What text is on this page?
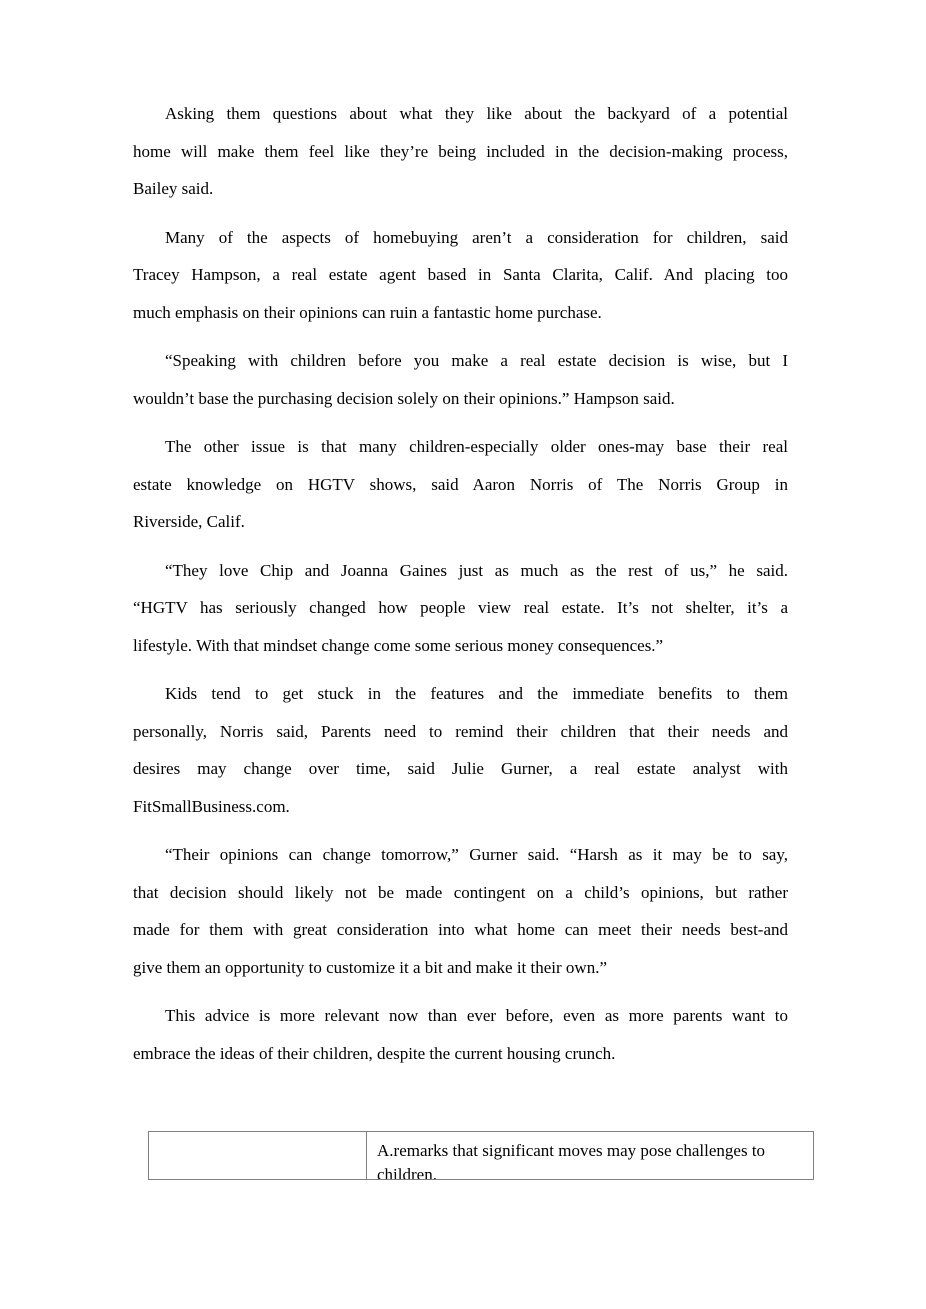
Asking them questions about what they like about the backyard of a potential
home will make them feel like they’re being included in the decision-making process,
Bailey said.
Many of the aspects of homebuying aren’t a consideration for children, said
Tracey Hampson, a real estate agent based in Santa Clarita, Calif. And placing too
much emphasis on their opinions can ruin a fantastic home purchase.
“Speaking with children before you make a real estate decision is wise, but I
wouldn’t base the purchasing decision solely on their opinions.” Hampson said.
The other issue is that many children-especially older ones-may base their real
estate knowledge on HGTV shows, said Aaron Norris of The Norris Group in
Riverside, Calif.
“They love Chip and Joanna Gaines just as much as the rest of us,” he said.
“HGTV has seriously changed how people view real estate. It’s not shelter, it’s a
lifestyle. With that mindset change come some serious money consequences.”
Kids tend to get stuck in the features and the immediate benefits to them
personally, Norris said, Parents need to remind their children that their needs and
desires may change over time, said Julie Gurner, a real estate analyst with
FitSmallBusiness.com.
“Their opinions can change tomorrow,” Gurner said. “Harsh as it may be to say,
that decision should likely not be made contingent on a child’s opinions, but rather
made for them with great consideration into what home can meet their needs best-and
give them an opportunity to customize it a bit and make it their own.”
This advice is more relevant now than ever before, even as more parents want to
embrace the ideas of their children, despite the current housing crunch.
A.remarks that significant moves may pose challenges to
children.
